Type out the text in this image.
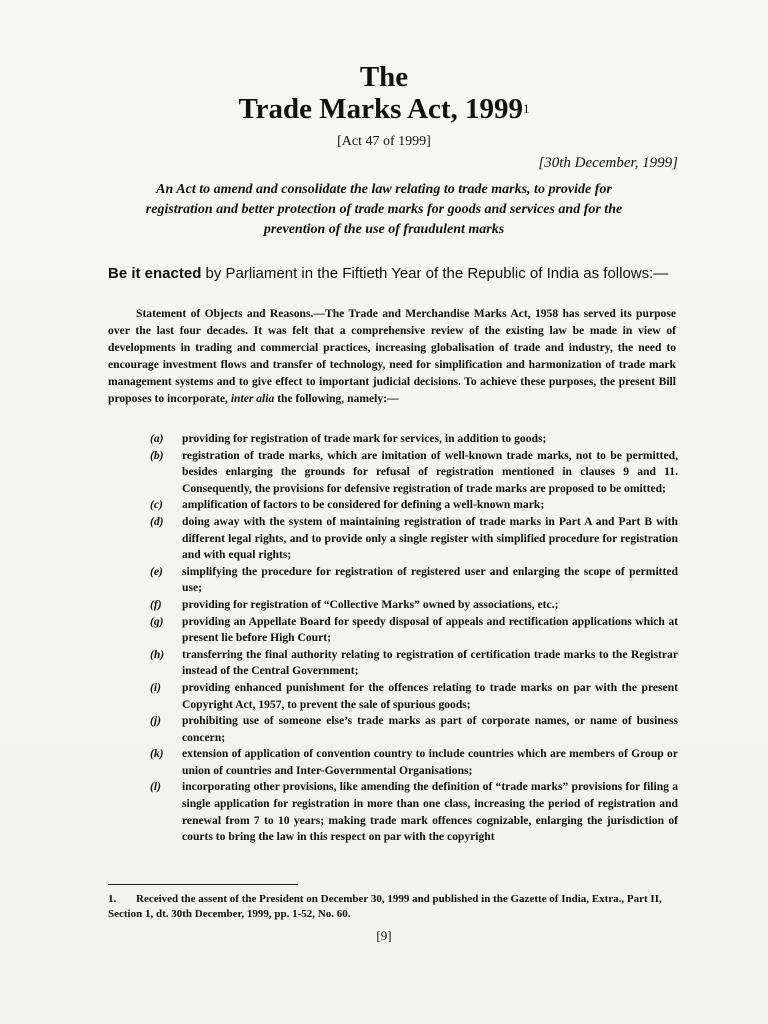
The
Trade Marks Act, 1999$^1$
[Act 47 of 1999]
[30th December, 1999]
An Act to amend and consolidate the law relating to trade marks, to provide for registration and better protection of trade marks for goods and services and for the prevention of the use of fraudulent marks
Be it enacted by Parliament in the Fiftieth Year of the Republic of India as follows:—
Statement of Objects and Reasons.—The Trade and Merchandise Marks Act, 1958 has served its purpose over the last four decades. It was felt that a comprehensive review of the existing law be made in view of developments in trading and commercial practices, increasing globalisation of trade and industry, the need to encourage investment flows and transfer of technology, need for simplification and harmonization of trade mark management systems and to give effect to important judicial decisions. To achieve these purposes, the present Bill proposes to incorporate, inter alia the following, namely:—
(a) providing for registration of trade mark for services, in addition to goods;
(b) registration of trade marks, which are imitation of well-known trade marks, not to be permitted, besides enlarging the grounds for refusal of registration mentioned in clauses 9 and 11. Consequently, the provisions for defensive registration of trade marks are proposed to be omitted;
(c) amplification of factors to be considered for defining a well-known mark;
(d) doing away with the system of maintaining registration of trade marks in Part A and Part B with different legal rights, and to provide only a single register with simplified procedure for registration and with equal rights;
(e) simplifying the procedure for registration of registered user and enlarging the scope of permitted use;
(f) providing for registration of “Collective Marks” owned by associations, etc.;
(g) providing an Appellate Board for speedy disposal of appeals and rectification applications which at present lie before High Court;
(h) transferring the final authority relating to registration of certification trade marks to the Registrar instead of the Central Government;
(i) providing enhanced punishment for the offences relating to trade marks on par with the present Copyright Act, 1957, to prevent the sale of spurious goods;
(j) prohibiting use of someone else’s trade marks as part of corporate names, or name of business concern;
(k) extension of application of convention country to include countries which are members of Group or union of countries and Inter-Governmental Organisations;
(l) incorporating other provisions, like amending the definition of “trade marks” provisions for filing a single application for registration in more than one class, increasing the period of registration and renewal from 7 to 10 years; making trade mark offences cognizable, enlarging the jurisdiction of courts to bring the law in this respect on par with the copyright
1. Received the assent of the President on December 30, 1999 and published in the Gazette of India, Extra., Part II, Section 1, dt. 30th December, 1999, pp. 1-52, No. 60.
[9]
